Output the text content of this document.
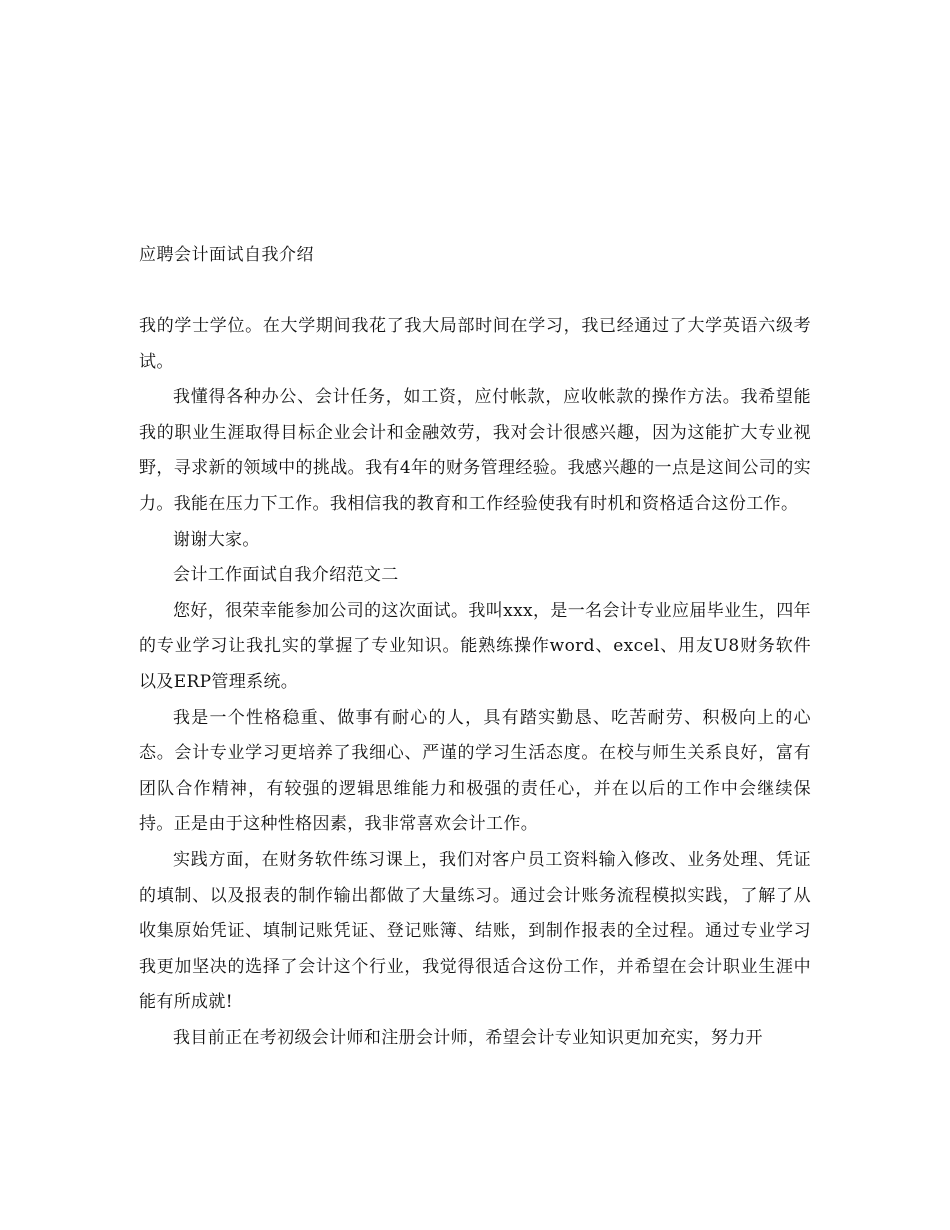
应聘会计面试自我介绍

我的学士学位。在大学期间我花了我大局部时间在学习，我已经通过了大学英语六级考试。

我懂得各种办公、会计任务，如工资，应付帐款，应收帐款的操作方法。我希望能我的职业生涯取得目标企业会计和金融效劳，我对会计很感兴趣，因为这能扩大专业视野，寻求新的领域中的挑战。我有4年的财务管理经验。我感兴趣的一点是这间公司的实力。我能在压力下工作。我相信我的教育和工作经验使我有时机和资格适合这份工作。

谢谢大家。

会计工作面试自我介绍范文二

您好，很荣幸能参加公司的这次面试。我叫xxx，是一名会计专业应届毕业生，四年的专业学习让我扎实的掌握了专业知识。能熟练操作word、excel、用友U8财务软件以及ERP管理系统。

我是一个性格稳重、做事有耐心的人，具有踏实勤恳、吃苦耐劳、积极向上的心态。会计专业学习更培养了我细心、严谨的学习生活态度。在校与师生关系良好，富有团队合作精神，有较强的逻辑思维能力和极强的责任心，并在以后的工作中会继续保持。正是由于这种性格因素，我非常喜欢会计工作。

实践方面，在财务软件练习课上，我们对客户员工资料输入修改、业务处理、凭证的填制、以及报表的制作输出都做了大量练习。通过会计账务流程模拟实践，了解了从收集原始凭证、填制记账凭证、登记账簿、结账，到制作报表的全过程。通过专业学习我更加坚决的选择了会计这个行业，我觉得很适合这份工作，并希望在会计职业生涯中能有所成就!

我目前正在考初级会计师和注册会计师，希望会计专业知识更加充实，努力开
